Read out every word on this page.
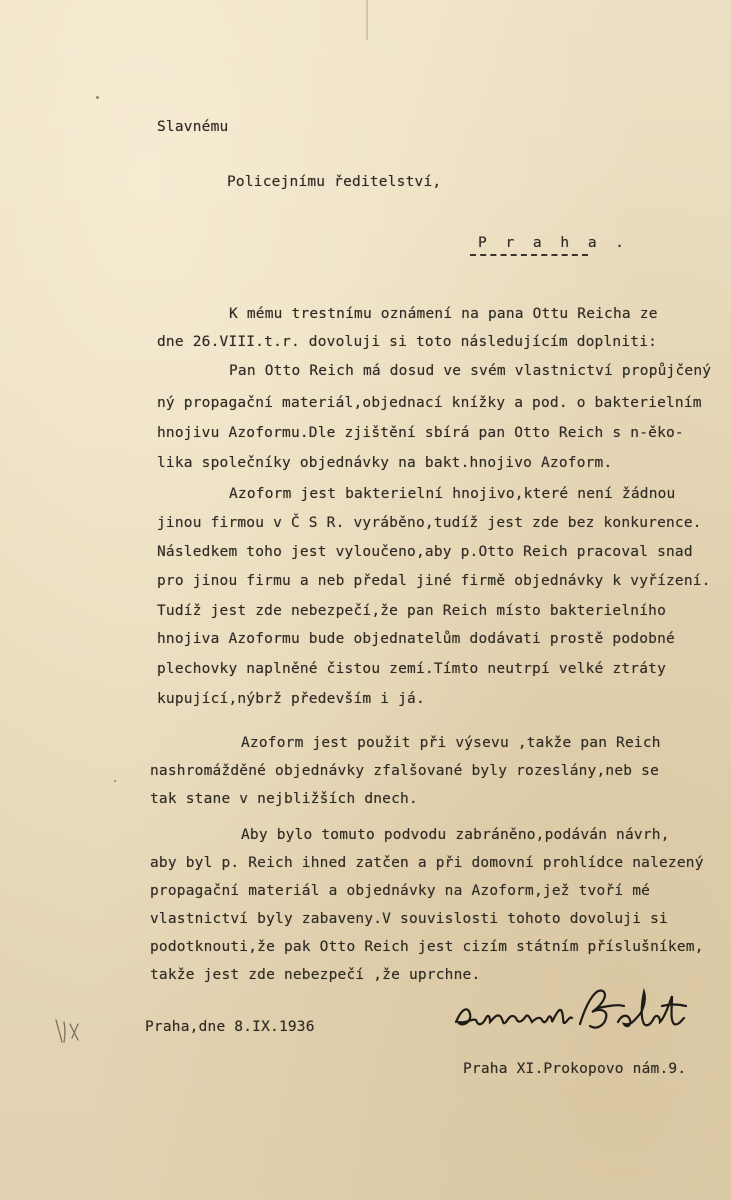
Slavnému
Policejnímu ředitelství,
P r a h a .
K mému trestnímu oznámení na pana Ottu Reicha ze
dne 26.VIII.t.r. dovoluji si toto následujícím doplniti:
Pan Otto Reich má dosud ve svém vlastnictví propůjčený
ný propagační materiál,objednací knížky a pod. o bakterielním
hnojivu Azoformu.Dle zjištění sbírá pan Otto Reich s n-ěko-
lika společníky objednávky na bakt.hnojivo Azoform.
Azoform jest bakterielní hnojivo,které není žádnou
jinou firmou v Č S R. vyráběno,tudíž jest zde bez konkurence.
Následkem toho jest vyloučeno,aby p.Otto Reich pracoval snad
pro jinou firmu a neb předal jiné firmě objednávky k vyřízení.
Tudíž jest zde nebezpečí,že pan Reich místo bakterielního
hnojiva Azoformu bude objednatelům dodávati prostě podobné
plechovky naplněné čistou zemí.Tímto neutrpí velké ztráty
kupující,nýbrž především i já.
Azoform jest použit při výsevu ,takže pan Reich
nashromážděné objednávky zfalšované byly rozeslány,neb se
tak stane v nejbližších dnech.
Aby bylo tomuto podvodu zabráněno,podáván návrh,
aby byl p. Reich ihned zatčen a při domovní prohlídce nalezený
propagační materiál a objednávky na Azoform,jež tvoří mé
vlastnictví byly zabaveny.V souvislosti tohoto dovoluji si
podotknouti,že pak Otto Reich jest cizím státním příslušníkem,
takže jest zde nebezpečí ,že uprchne.
Praha,dne 8.IX.1936
Praha XI.Prokopovo nám.9.
